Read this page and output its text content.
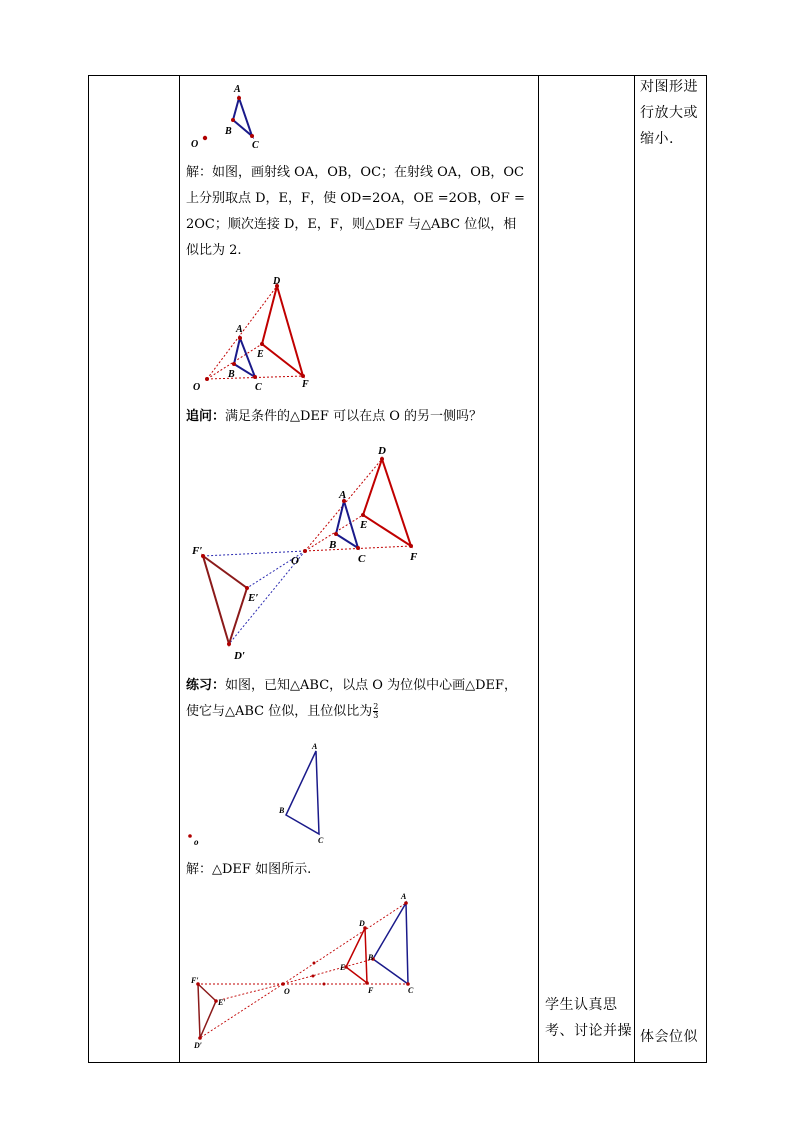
对图形进
行放大或
缩小.
体会位似
学生认真思
考、讨论并操
A
B
C
O
解：如图，画射线 OA，OB，OC；在射线 OA，OB，OC
上分别取点 D，E，F，使 OD=2OA，OE =2OB，OF =
2OC；顺次连接 D，E，F，则△DEF 与△ABC 位似，相
似比为 2.
A
B
C
D
E
F
O
追问：满足条件的△DEF 可以在点 O 的另一侧吗？
A
B
C
D
E
F
O
D′
E′
F′
练习：如图，已知△ABC，以点 O 为位似中心画△DEF，
使它与△ABC 位似，且位似比为 $\frac{2}{3}$
A
B
C
o
解：△DEF 如图所示.
A
B
C
D
E
F
O
D′
E′
F′
